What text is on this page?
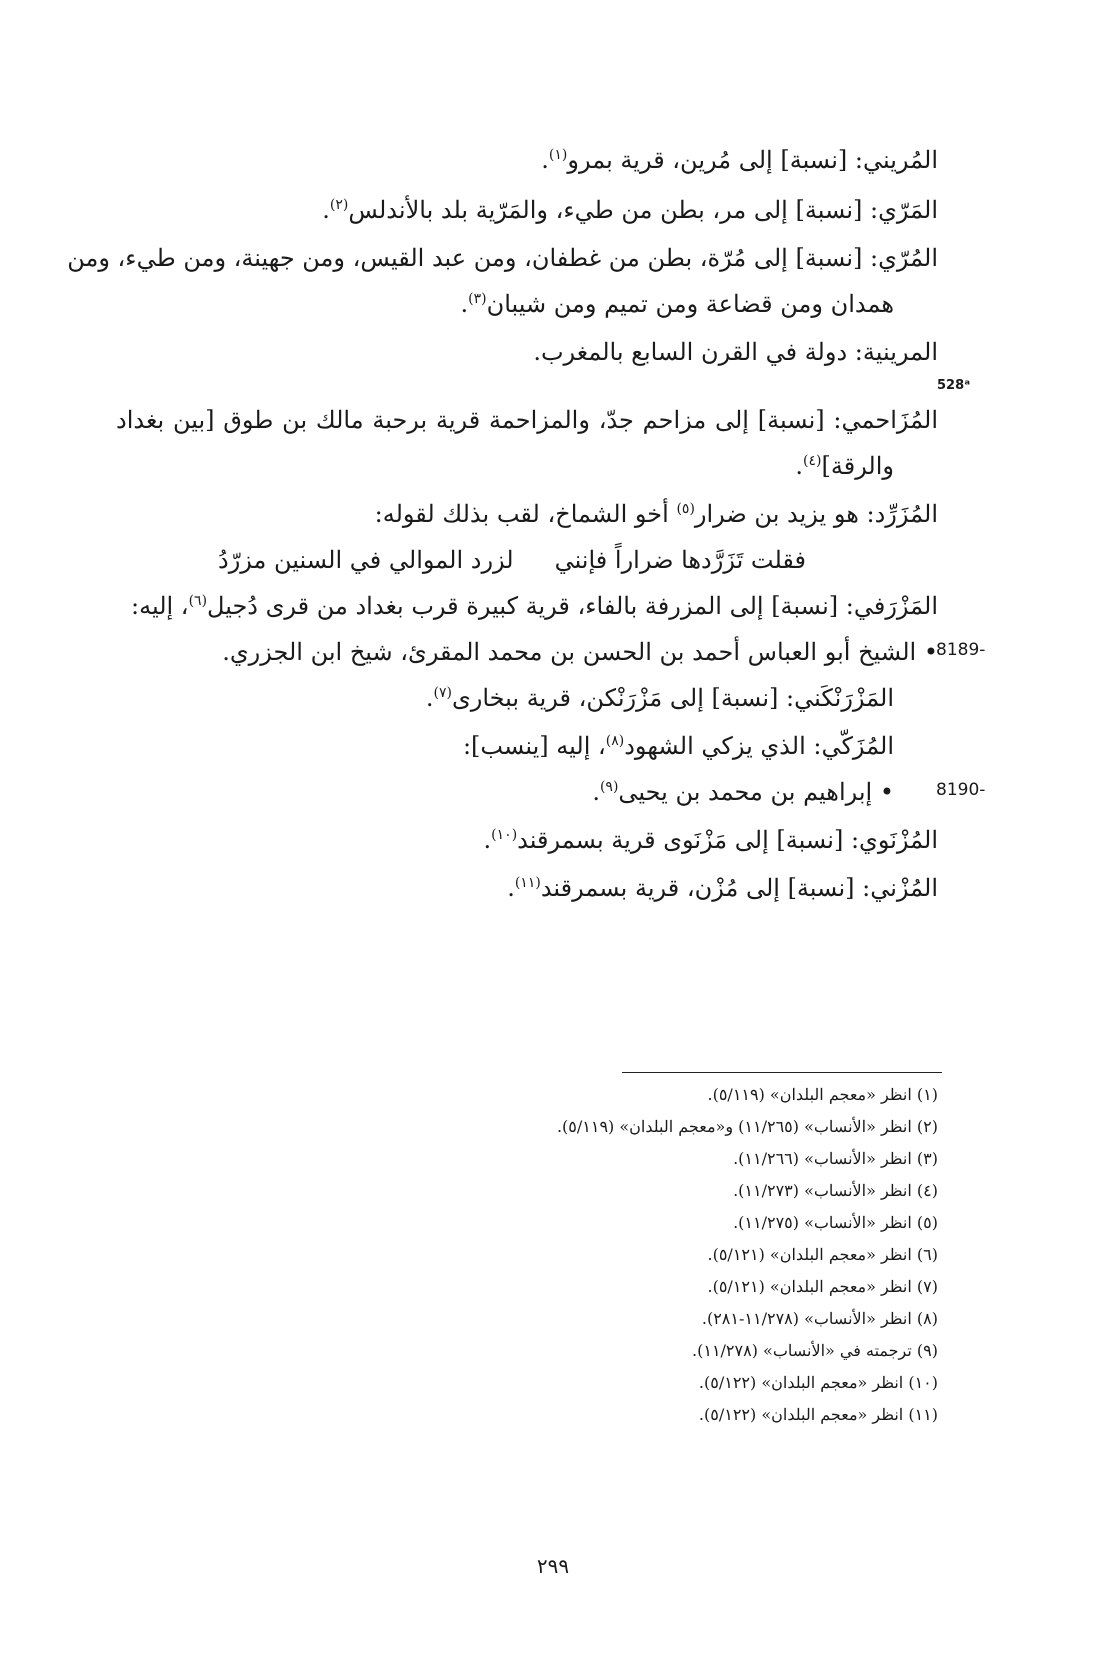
المُريني: [نسبة] إلى مُرين، قرية بمرو$^{(١)}$.
المَرّي: [نسبة] إلى مر، بطن من طيء، والمَرّية بلد بالأندلس$^{(٢)}$.
المُرّي: [نسبة] إلى مُرّة، بطن من غطفان، ومن عبد القيس، ومن جهينة، ومن طيء، ومن
همدان ومن قضاعة ومن تميم ومن شيبان$^{(٣)}$.
المرينية: دولة في القرن السابع بالمغرب.
528ᵃ
المُزَاحمي: [نسبة] إلى مزاحم جدّ، والمزاحمة قرية برحبة مالك بن طوق [بين بغداد
والرقة]$^{(٤)}$.
المُزَرِّد: هو يزيد بن ضرار$^{(٥)}$ أخو الشماخ، لقب بذلك لقوله:
فقلت تَزَرَّدها ضراراً فإنني
لزرد الموالي في السنين مزرّدُ
المَزْرَفي: [نسبة] إلى المزرفة بالفاء، قرية كبيرة قرب بغداد من قرى دُجيل$^{(٦)}$، إليه:
8189-
• الشيخ أبو العباس أحمد بن الحسن بن محمد المقرئ، شيخ ابن الجزري.
المَزْرَنْكَني: [نسبة] إلى مَزْرَنْكن، قرية ببخارى$^{(٧)}$.
المُزَكّي: الذي يزكي الشهود$^{(٨)}$، إليه [ينسب]:
8190-
• إبراهيم بن محمد بن يحيى$^{(٩)}$.
المُزْنَوي: [نسبة] إلى مَزْنَوى قرية بسمرقند$^{(١٠)}$.
المُزْني: [نسبة] إلى مُزْن، قرية بسمرقند$^{(١١)}$.
(١) انظر «معجم البلدان» (٥/١١٩).
(٢) انظر «الأنساب» (١١/٢٦٥) و«معجم البلدان» (٥/١١٩).
(٣) انظر «الأنساب» (١١/٢٦٦).
(٤) انظر «الأنساب» (١١/٢٧٣).
(٥) انظر «الأنساب» (١١/٢٧٥).
(٦) انظر «معجم البلدان» (٥/١٢١).
(٧) انظر «معجم البلدان» (٥/١٢١).
(٨) انظر «الأنساب» (١١/٢٧٨-٢٨١).
(٩) ترجمته في «الأنساب» (١١/٢٧٨).
(١٠) انظر «معجم البلدان» (٥/١٢٢).
(١١) انظر «معجم البلدان» (٥/١٢٢).
٢٩٩
